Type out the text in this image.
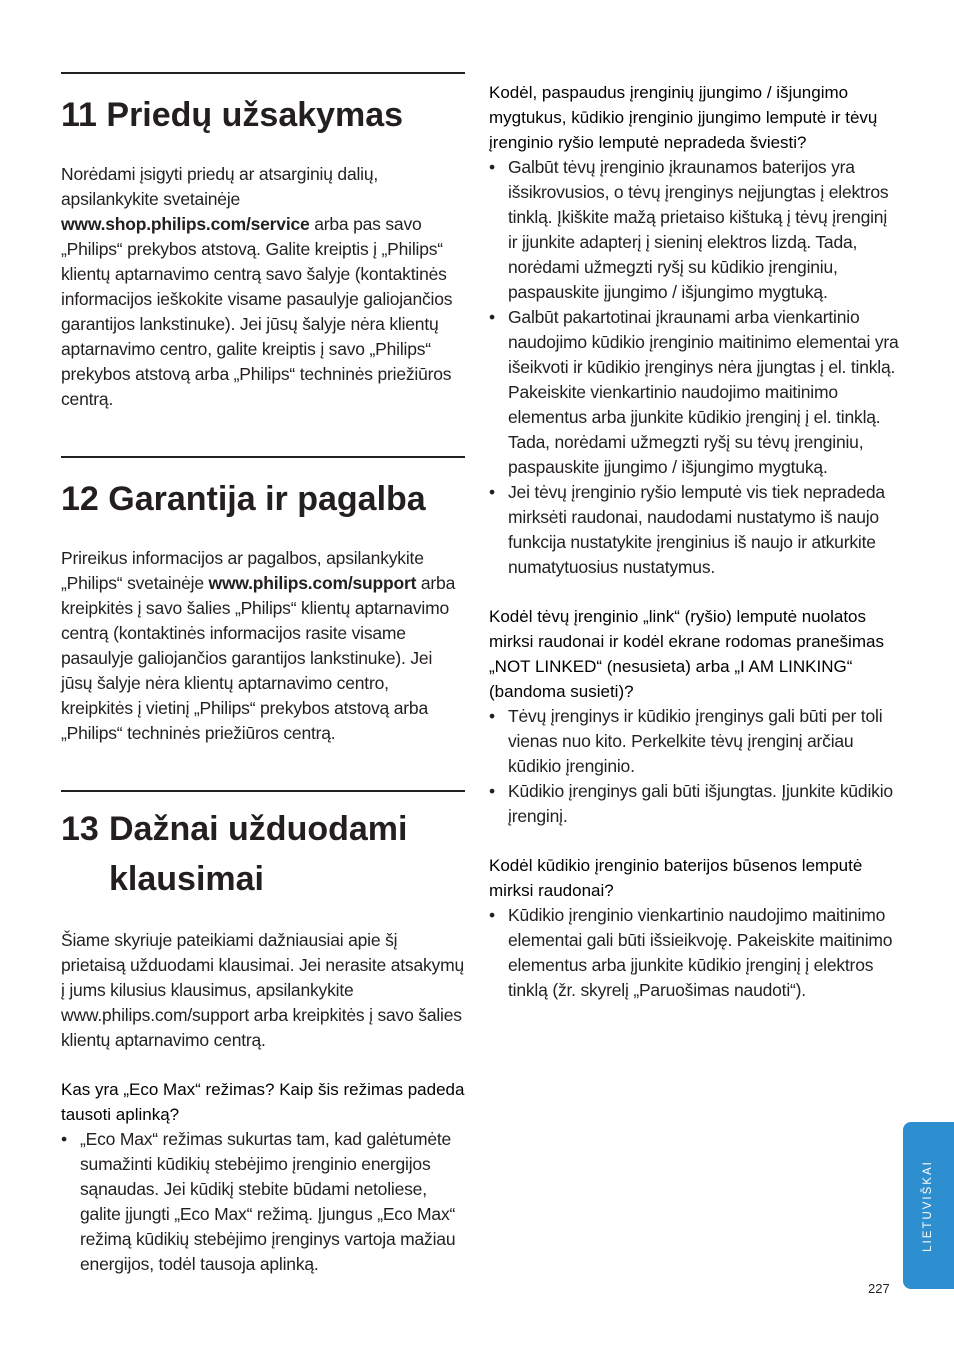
11 Priedų užsakymas

Norėdami įsigyti priedų ar atsarginių dalių, apsilankykite svetainėje www.shop.philips.com/service arba pas savo „Philips“ prekybos atstovą. Galite kreiptis į „Philips“ klientų aptarnavimo centrą savo šalyje (kontaktinės informacijos ieškokite visame pasaulyje galiojančios garantijos lankstinuke). Jei jūsų šalyje nėra klientų aptarnavimo centro, galite kreiptis į savo „Philips“ prekybos atstovą arba „Philips“ techninės priežiūros centrą.

12 Garantija ir pagalba

Prireikus informacijos ar pagalbos, apsilankykite „Philips“ svetainėje www.philips.com/support arba kreipkitės į savo šalies „Philips“ klientų aptarnavimo centrą (kontaktinės informacijos rasite visame pasaulyje galiojančios garantijos lankstinuke). Jei jūsų šalyje nėra klientų aptarnavimo centro, kreipkitės į vietinį „Philips“ prekybos atstovą arba „Philips“ techninės priežiūros centrą.

13 Dažnai užduodami
klausimai

Šiame skyriuje pateikiami dažniausiai apie šį prietaisą užduodami klausimai. Jei nerasite atsakymų į jums kilusius klausimus, apsilankykite www.philips.com/support arba kreipkitės į savo šalies klientų aptarnavimo centrą.

Kas yra „Eco Max“ režimas? Kaip šis režimas padeda tausoti aplinką?

• „Eco Max“ režimas sukurtas tam, kad galėtumėte sumažinti kūdikių stebėjimo įrenginio energijos sąnaudas. Jei kūdikį stebite būdami netoliese, galite įjungti „Eco Max“ režimą. Įjungus „Eco Max“ režimą kūdikių stebėjimo įrenginys vartoja mažiau energijos, todėl tausoja aplinką.

Kodėl, paspaudus įrenginių įjungimo / išjungimo mygtukus, kūdikio įrenginio įjungimo lemputė ir tėvų įrenginio ryšio lemputė nepradeda šviesti?

• Galbūt tėvų įrenginio įkraunamos baterijos yra išsikrovusios, o tėvų įrenginys neįjungtas į elektros tinklą. Įkiškite mažą prietaiso kištuką į tėvų įrenginį ir įjunkite adapterį į sieninį elektros lizdą. Tada, norėdami užmegzti ryšį su kūdikio įrenginiu, paspauskite įjungimo / išjungimo mygtuką.
• Galbūt pakartotinai įkraunami arba vienkartinio naudojimo kūdikio įrenginio maitinimo elementai yra išeikvoti ir kūdikio įrenginys nėra įjungtas į el. tinklą. Pakeiskite vienkartinio naudojimo maitinimo elementus arba įjunkite kūdikio įrenginį į el. tinklą. Tada, norėdami užmegzti ryšį su tėvų įrenginiu, paspauskite įjungimo / išjungimo mygtuką.
• Jei tėvų įrenginio ryšio lemputė vis tiek nepradeda mirksėti raudonai, naudodami nustatymo iš naujo funkcija nustatykite įrenginius iš naujo ir atkurkite numatytuosius nustatymus.

Kodėl tėvų įrenginio „link“ (ryšio) lemputė nuolatos mirksi raudonai ir kodėl ekrane rodomas pranešimas „NOT LINKED“ (nesusieta) arba „I AM LINKING“ (bandoma susieti)?

• Tėvų įrenginys ir kūdikio įrenginys gali būti per toli vienas nuo kito. Perkelkite tėvų įrenginį arčiau kūdikio įrenginio.
• Kūdikio įrenginys gali būti išjungtas. Įjunkite kūdikio įrenginį.

Kodėl kūdikio įrenginio baterijos būsenos lemputė mirksi raudonai?

• Kūdikio įrenginio vienkartinio naudojimo maitinimo elementai gali būti išsieikvoję. Pakeiskite maitinimo elementus arba įjunkite kūdikio įrenginį į elektros tinklą (žr. skyrelį „Paruošimas naudoti“).
LIETUVIŠKAI
227
